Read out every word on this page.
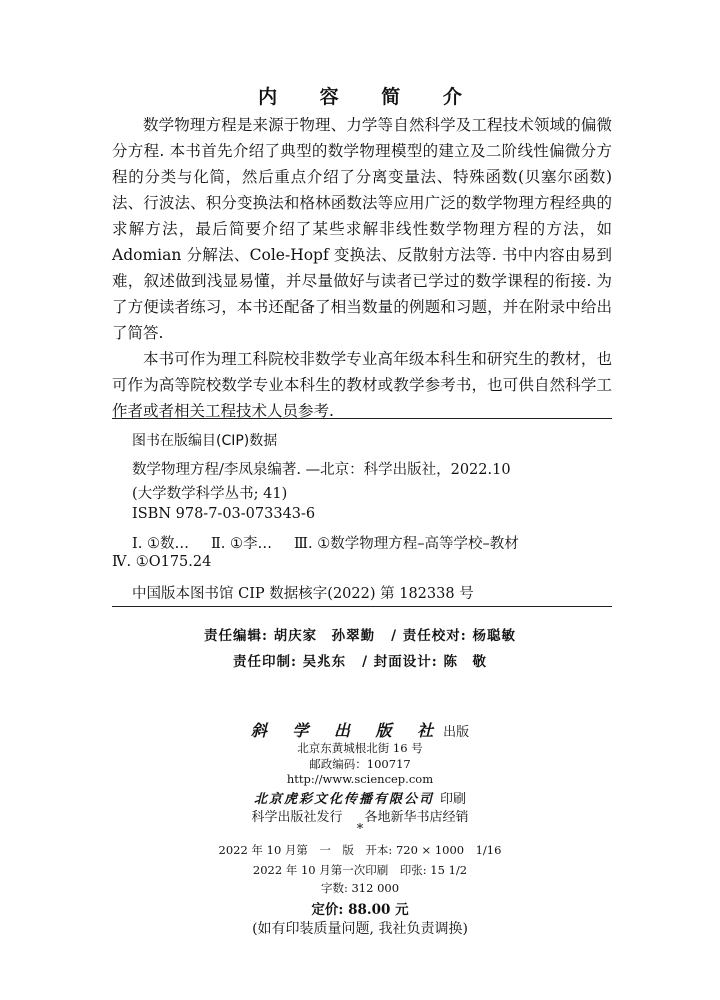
内 容 简 介

数学物理方程是来源于物理、力学等自然科学及工程技术领域的偏微分方程. 本书首先介绍了典型的数学物理模型的建立及二阶线性偏微分方程的分类与化简，然后重点介绍了分离变量法、特殊函数(贝塞尔函数)法、行波法、积分变换法和格林函数法等应用广泛的数学物理方程经典的求解方法，最后简要介绍了某些求解非线性数学物理方程的方法，如 Adomian 分解法、Cole-Hopf 变换法、反散射方法等. 书中内容由易到难，叙述做到浅显易懂，并尽量做好与读者已学过的数学课程的衔接. 为了方便读者练习，本书还配备了相当数量的例题和习题，并在附录中给出了简答.

本书可作为理工科院校非数学专业高年级本科生和研究生的教材，也可作为高等院校数学专业本科生的教材或教学参考书，也可供自然科学工作者或者相关工程技术人员参考.

图书在版编目(CIP)数据
数学物理方程/李凤泉编著. —北京：科学出版社，2022.10
(大学数学科学丛书; 41)
ISBN 978-7-03-073343-6
Ⅰ. ①数… Ⅱ. ①李… Ⅲ. ①数学物理方程–高等学校–教材
Ⅳ. ①O175.24
中国版本图书馆 CIP 数据核字(2022) 第 182338 号
责任编辑: 胡庆家　孙翠勤 / 责任校对: 杨聪敏
责任印制: 吴兆东 / 封面设计: 陈　敬
斜 学 出 版 社出版
北京东黄城根北街 16 号
邮政编码：100717
http://www.sciencep.com
北京虎彩文化传播有限公司 印刷
科学出版社发行 各地新华书店经销
*
2022 年 10 月第　一　版　开本: 720 × 1000　1/16
2022 年 10 月第一次印刷　印张: 15 1/2
字数: 312 000
定价: 88.00 元
(如有印装质量问题, 我社负责调换)
